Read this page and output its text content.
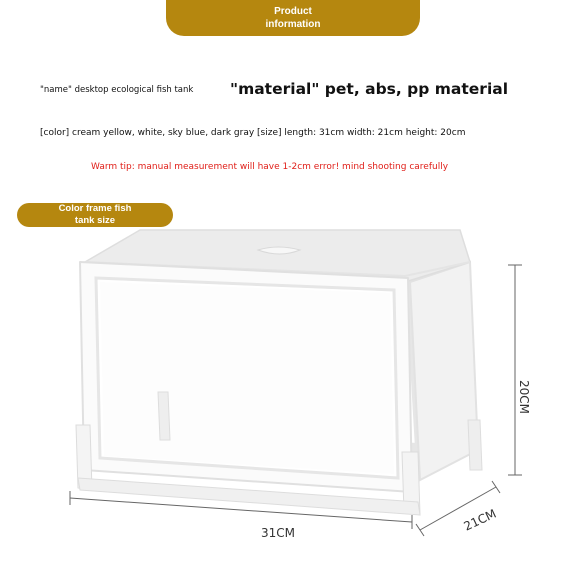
Product information
"name" desktop ecological fish tank "material" pet, abs, pp material
[color] cream yellow, white, sky blue, dark gray [size] length: 31cm width: 21cm height: 20cm
Warm tip: manual measurement will have 1-2cm error! mind shooting carefully
Color frame fish tank size
31CM
20CM
21CM
